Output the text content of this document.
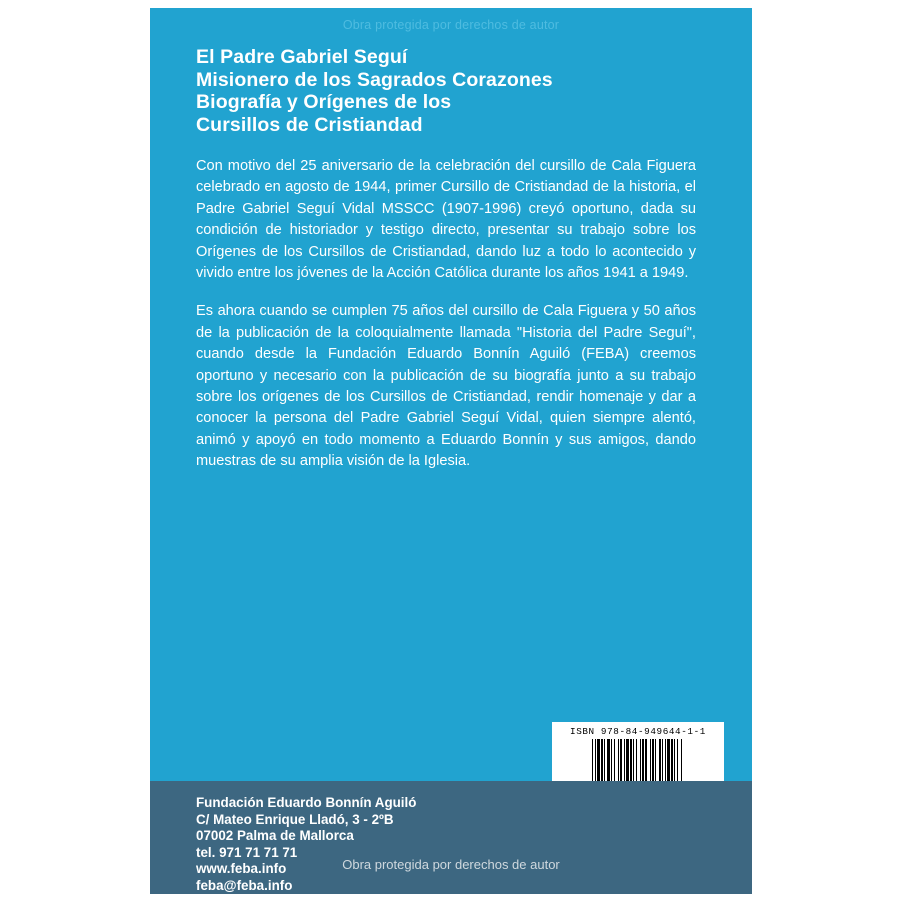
Obra protegida por derechos de autor
El Padre Gabriel Seguí
Misionero de los Sagrados Corazones
Biografía y Orígenes de los
Cursillos de Cristiandad

Con motivo del 25 aniversario de la celebración del cursillo de Cala Figuera celebrado en agosto de 1944, primer Cursillo de Cristiandad de la historia, el Padre Gabriel Seguí Vidal MSSCC (1907-1996) creyó oportuno, dada su condición de historiador y testigo directo, presentar su trabajo sobre los Orígenes de los Cursillos de Cristiandad, dando luz a todo lo acontecido y vivido entre los jóvenes de la Acción Católica durante los años 1941 a 1949.

Es ahora cuando se cumplen 75 años del cursillo de Cala Figuera y 50 años de la publicación de la coloquialmente llamada "Historia del Padre Seguí", cuando desde la Fundación Eduardo Bonnín Aguiló (FEBA) creemos oportuno y necesario con la publicación de su biografía junto a su trabajo sobre los orígenes de los Cursillos de Cristiandad, rendir homenaje y dar a conocer la persona del Padre Gabriel Seguí Vidal, quien siempre alentó, animó y apoyó en todo momento a Eduardo Bonnín y sus amigos, dando muestras de su amplia visión de la Iglesia.

ISBN 978-84-949644-1-1
Fundación Eduardo Bonnín Aguiló
C/ Mateo Enrique Lladó, 3 - 2ºB
07002 Palma de Mallorca
tel. 971 71 71 71
www.feba.info
feba@feba.info
Obra protegida por derechos de autor
